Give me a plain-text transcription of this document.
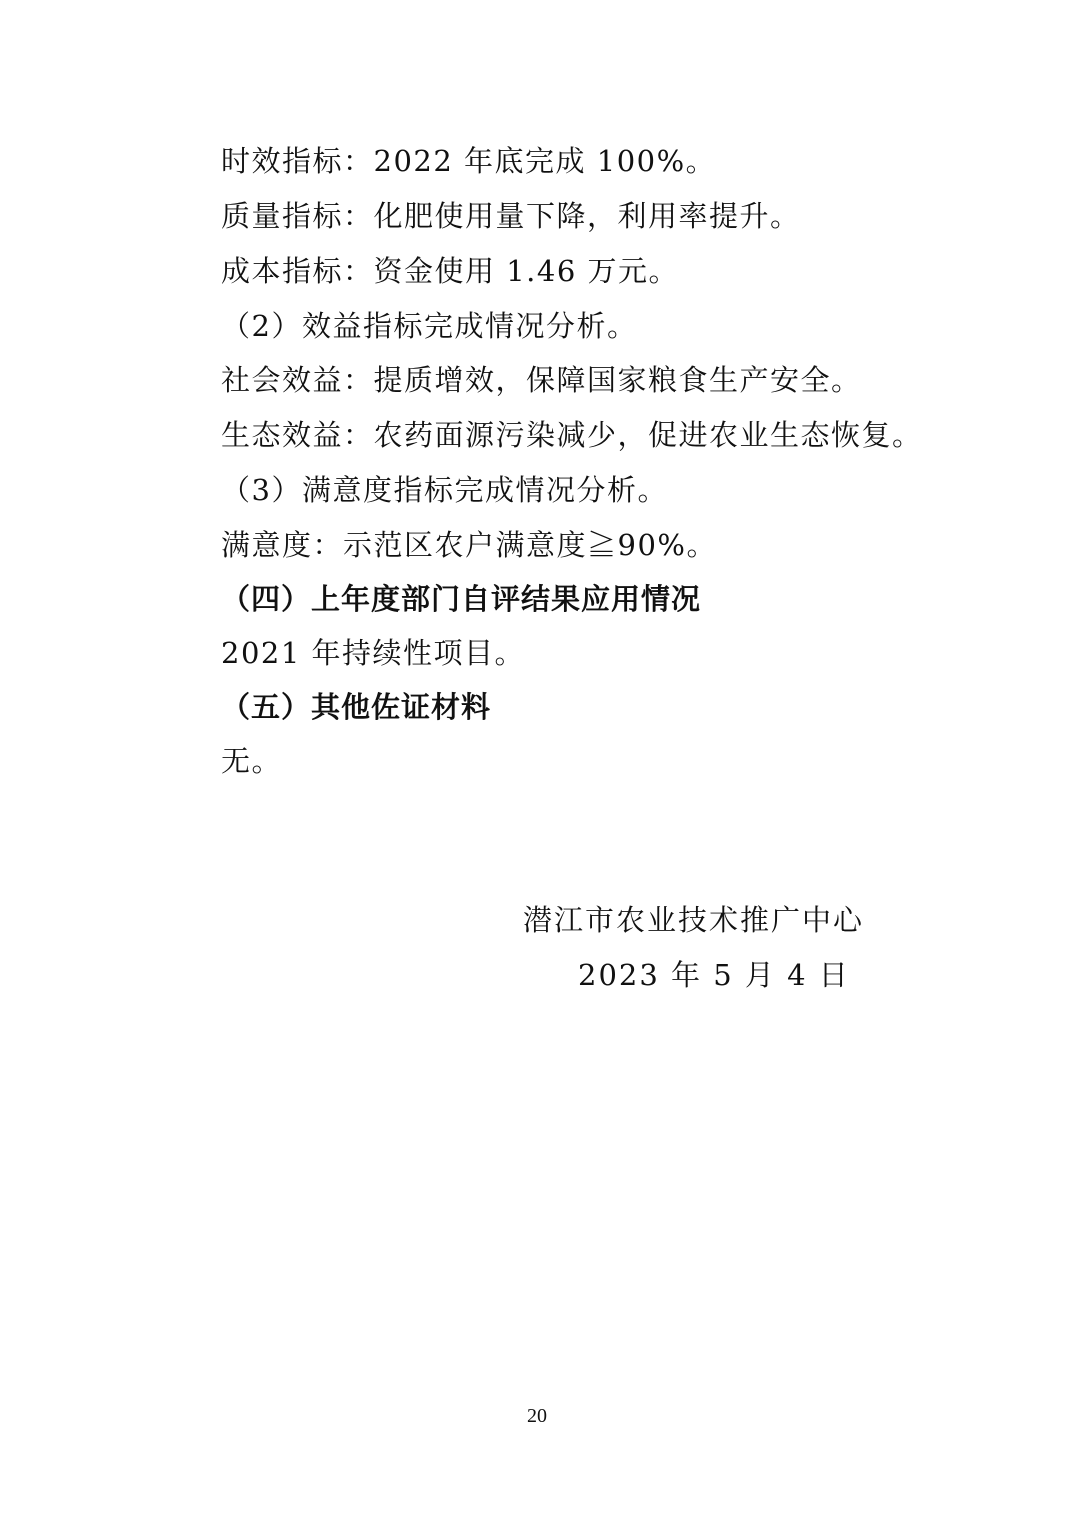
时效指标：2022 年底完成 100%。
质量指标：化肥使用量下降，利用率提升。
成本指标：资金使用 1.46 万元。
（2）效益指标完成情况分析。
社会效益：提质增效，保障国家粮食生产安全。
生态效益：农药面源污染减少，促进农业生态恢复。
（3）满意度指标完成情况分析。
满意度：示范区农户满意度≧90%。
（四）上年度部门自评结果应用情况
2021 年持续性项目。
（五）其他佐证材料
无。
潜江市农业技术推广中心
2023 年 5 月 4 日
20
